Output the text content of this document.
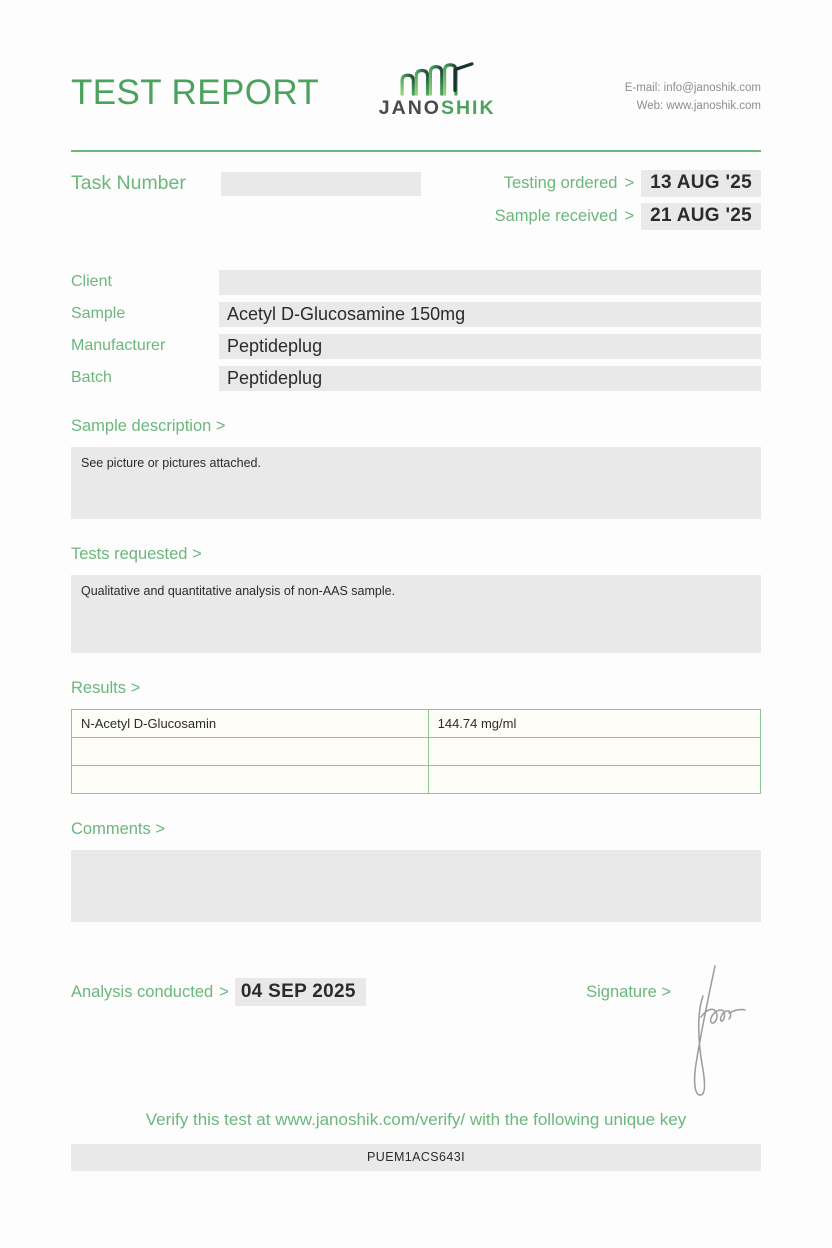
TEST REPORT	JANOSHIK
E-mail: info@janoshik.com
Web: www.janoshik.com
Task Number	Testing ordered > 13 AUG '25
Sample received > 21 AUG '25
Client
Sample	Acetyl D-Glucosamine 150mg
Manufacturer	Peptideplug
Batch	Peptideplug
Sample description >
See picture or pictures attached.
Tests requested >
Qualitative and quantitative analysis of non-AAS sample.
Results >
N-Acetyl D-Glucosamin	144.74 mg/ml

Comments >
Analysis conducted > 04 SEP 2025	Signature >
Verify this test at www.janoshik.com/verify/ with the following unique key
PUEM1ACS643I
